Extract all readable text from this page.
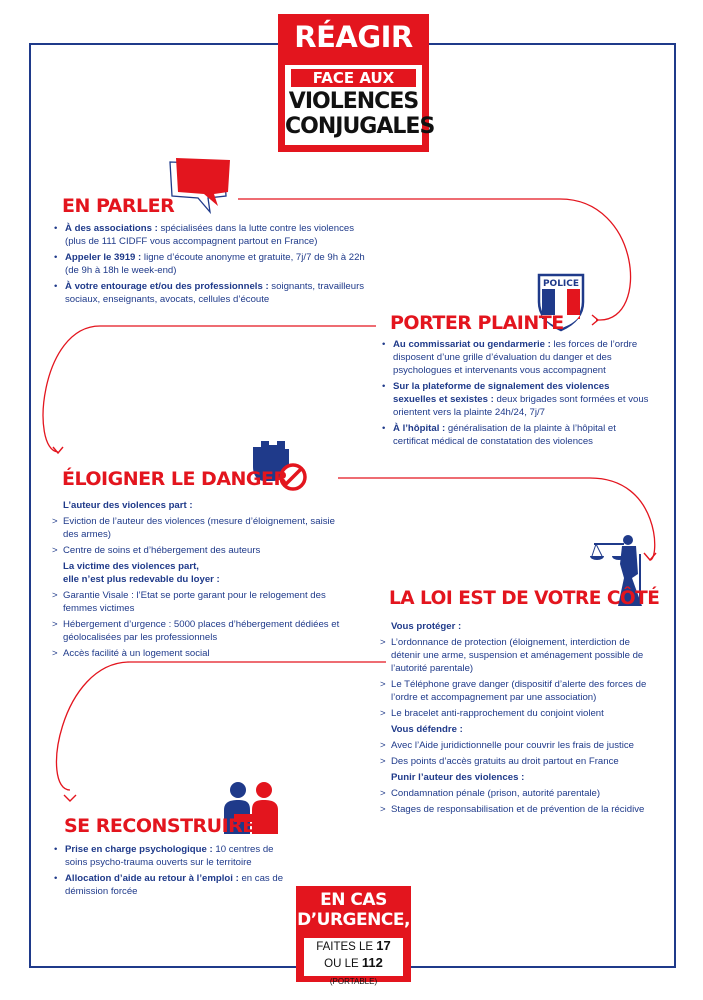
RÉAGIR
FACE AUX
VIOLENCES
CONJUGALES
EN PARLER
• À des associations : spécialisées dans la lutte contre les violences (plus de 111 CIDFF vous accompagnent partout en France)
• Appeler le 3919 : ligne d’écoute anonyme et gratuite, 7j/7 de 9h à 22h (de 9h à 18h le week-end)
• À votre entourage et/ou des professionnels : soignants, travailleurs sociaux, enseignants, avocats, cellules d’écoute
POLICE
PORTER PLAINTE
• Au commissariat ou gendarmerie : les forces de l’ordre disposent d’une grille d’évaluation du danger et des psychologues et intervenants vous accompagnent
• Sur la plateforme de signalement des violences sexuelles et sexistes : deux brigades sont formées et vous orientent vers la plainte 24h/24, 7j/7
• À l’hôpital : généralisation de la plainte à l’hôpital et certificat médical de constatation des violences
ÉLOIGNER LE DANGER
L’auteur des violences part :
> Eviction de l’auteur des violences (mesure d’éloignement, saisie des armes)
> Centre de soins et d’hébergement des auteurs
La victime des violences part,
elle n’est plus redevable du loyer :
> Garantie Visale : l’Etat se porte garant pour le relogement des femmes victimes
> Hébergement d’urgence : 5000 places d’hébergement dédiées et géolocalisées par les professionnels
> Accès facilité à un logement social
LA LOI EST DE VOTRE CÔTÉ
Vous protéger :
> L’ordonnance de protection (éloignement, interdiction de détenir une arme, suspension et aménagement possible de l’autorité parentale)
> Le Téléphone grave danger (dispositif d’alerte des forces de l’ordre et accompagnement par une association)
> Le bracelet anti-rapprochement du conjoint violent
Vous défendre :
> Avec l’Aide juridictionnelle pour couvrir les frais de justice
> Des points d’accès gratuits au droit partout en France
Punir l’auteur des violences :
> Condamnation pénale (prison, autorité parentale)
> Stages de responsabilisation et de prévention de la récidive
SE RECONSTRUIRE
• Prise en charge psychologique : 10 centres de soins psycho-trauma ouverts sur le territoire
• Allocation d’aide au retour à l’emploi : en cas de démission forcée	EN CAS
D’URGENCE,
FAITES LE 17
OU LE 112 (PORTABLE)
